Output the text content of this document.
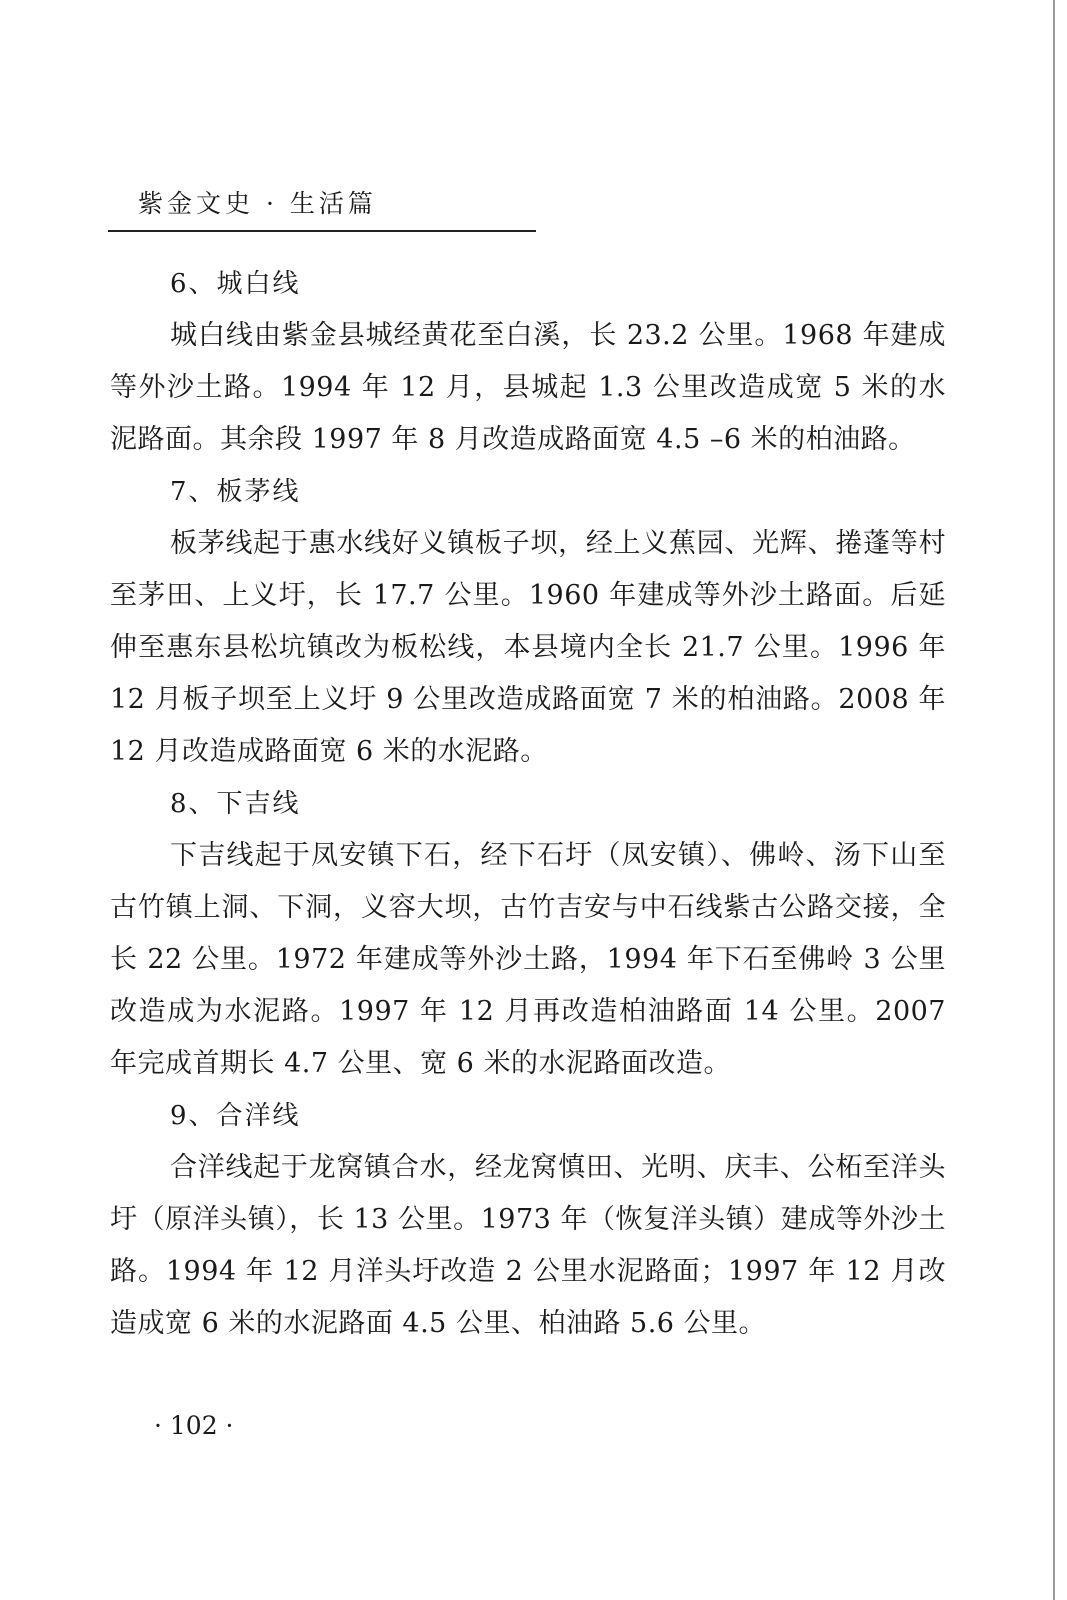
紫金文史 · 生活篇

6、城白线

城白线由紫金县城经黄花至白溪，长 23.2 公里。1968 年建成等外沙土路。1994 年 12 月，县城起 1.3 公里改造成宽 5 米的水泥路面。其余段 1997 年 8 月改造成路面宽 4.5 –6 米的柏油路。

7、板茅线

板茅线起于惠水线好义镇板子坝，经上义蕉园、光辉、捲蓬等村至茅田、上义圩，长 17.7 公里。1960 年建成等外沙土路面。后延伸至惠东县松坑镇改为板松线，本县境内全长 21.7 公里。1996 年 12 月板子坝至上义圩 9 公里改造成路面宽 7 米的柏油路。2008 年 12 月改造成路面宽 6 米的水泥路。

8、下吉线

下吉线起于凤安镇下石，经下石圩（凤安镇）、佛岭、汤下山至古竹镇上洞、下洞，义容大坝，古竹吉安与中石线紫古公路交接，全长 22 公里。1972 年建成等外沙土路，1994 年下石至佛岭 3 公里改造成为水泥路。1997 年 12 月再改造柏油路面 14 公里。2007 年完成首期长 4.7 公里、宽 6 米的水泥路面改造。

9、合洋线

合洋线起于龙窝镇合水，经龙窝慎田、光明、庆丰、公柘至洋头圩（原洋头镇），长 13 公里。1973 年（恢复洋头镇）建成等外沙土路。1994 年 12 月洋头圩改造 2 公里水泥路面；1997 年 12 月改造成宽 6 米的水泥路面 4.5 公里、柏油路 5.6 公里。

· 102 ·
